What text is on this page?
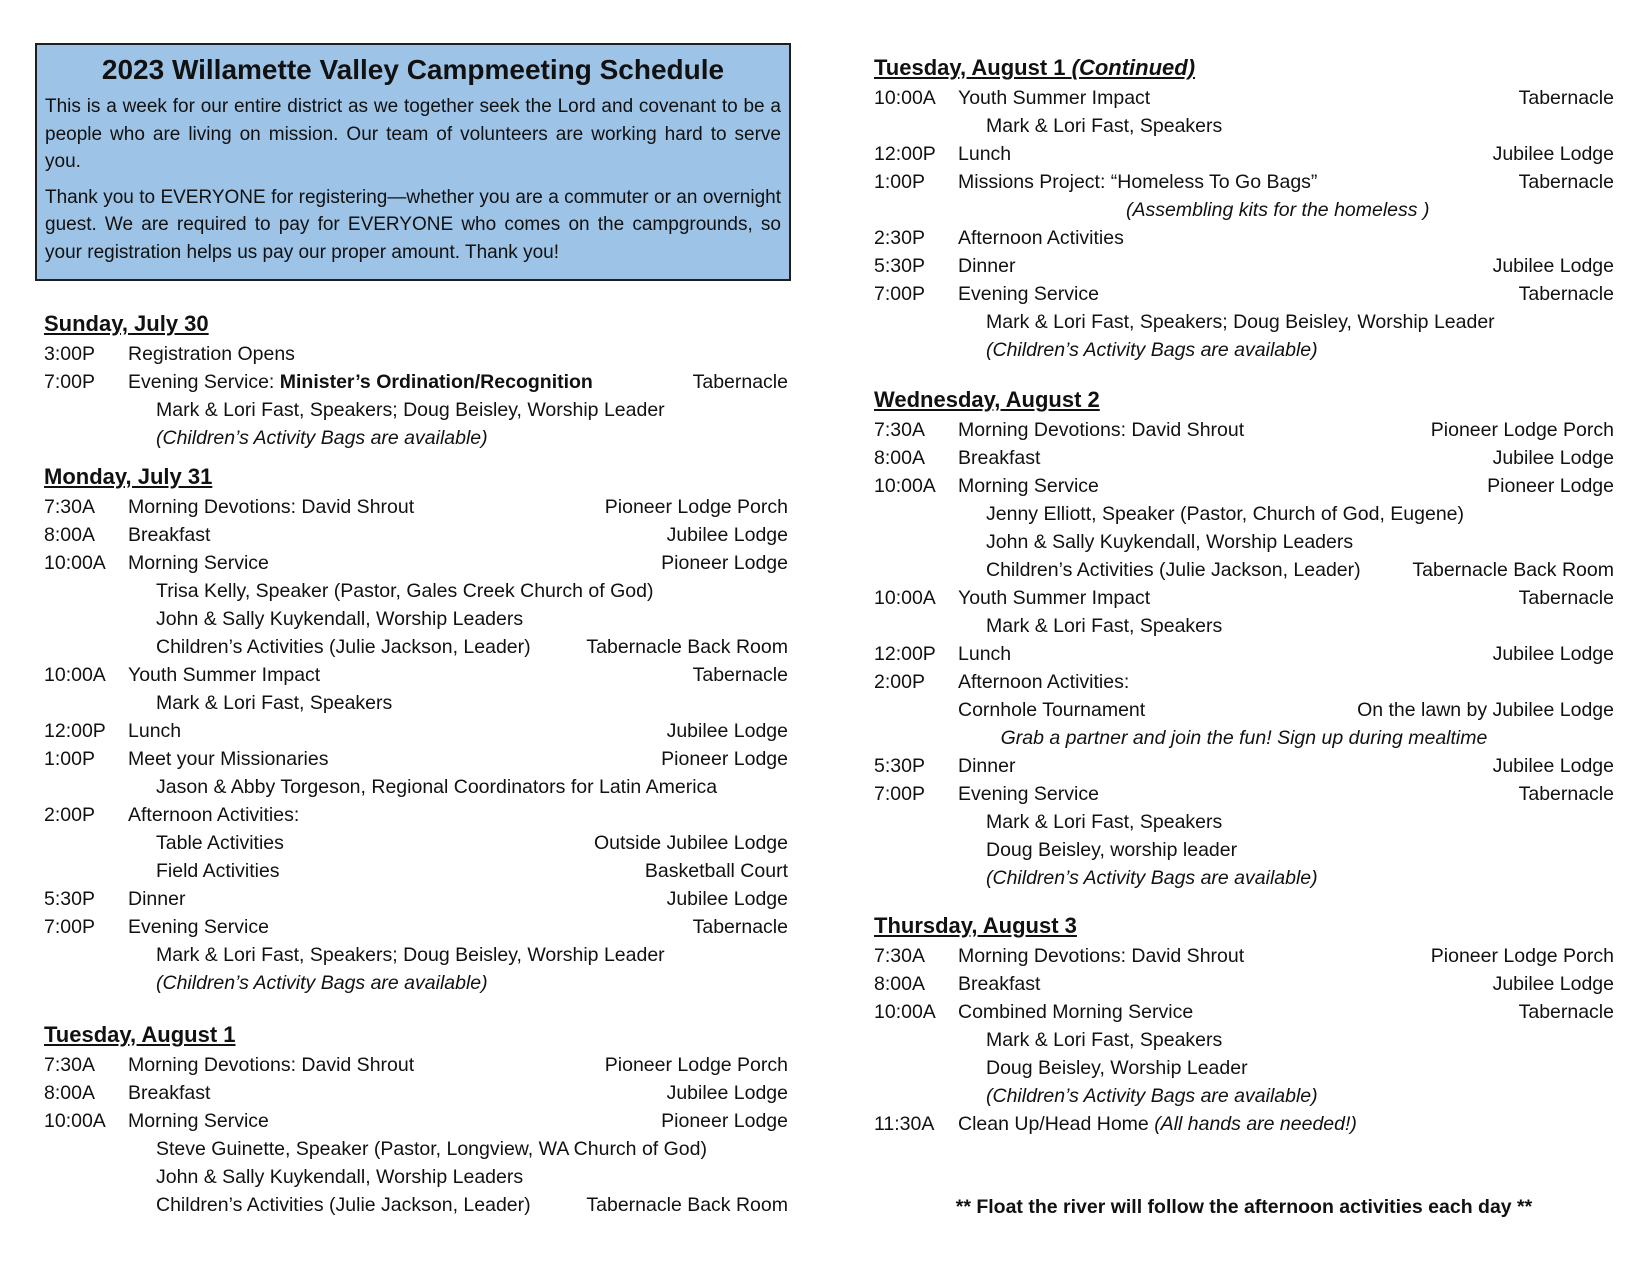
2023 Willamette Valley Campmeeting Schedule

This is a week for our entire district as we together seek the Lord and covenant to be a people who are living on mission. Our team of volunteers are working hard to serve you.

Thank you to EVERYONE for registering—whether you are a commuter or an overnight guest. We are required to pay for EVERYONE who comes on the campgrounds, so your registration helps us pay our proper amount. Thank you!

Sunday, July 30
3:00P Registration Opens
7:00P Evening Service: Minister’s Ordination/Recognition	Tabernacle
Mark & Lori Fast, Speakers; Doug Beisley, Worship Leader
(Children’s Activity Bags are available)
Monday, July 31
7:30A Morning Devotions: David Shrout	Pioneer Lodge Porch
8:00A Breakfast	Jubilee Lodge
10:00A Morning Service	Pioneer Lodge
Trisa Kelly, Speaker (Pastor, Gales Creek Church of God)
John & Sally Kuykendall, Worship Leaders
Children’s Activities (Julie Jackson, Leader)	Tabernacle Back Room
10:00A Youth Summer Impact	Tabernacle
Mark & Lori Fast, Speakers
12:00P Lunch	Jubilee Lodge
1:00P Meet your Missionaries	Pioneer Lodge
Jason & Abby Torgeson, Regional Coordinators for Latin America
2:00P Afternoon Activities:
Table Activities	Outside Jubilee Lodge
Field Activities	Basketball Court
5:30P Dinner	Jubilee Lodge
7:00P Evening Service	Tabernacle
Mark & Lori Fast, Speakers; Doug Beisley, Worship Leader
(Children’s Activity Bags are available)
Tuesday, August 1
7:30A Morning Devotions: David Shrout	Pioneer Lodge Porch
8:00A Breakfast	Jubilee Lodge
10:00A Morning Service	Pioneer Lodge
Steve Guinette, Speaker (Pastor, Longview, WA Church of God)
John & Sally Kuykendall, Worship Leaders
Children’s Activities (Julie Jackson, Leader)	Tabernacle Back Room
Tuesday, August 1 (Continued)
10:00A Youth Summer Impact	Tabernacle
Mark & Lori Fast, Speakers
12:00P Lunch	Jubilee Lodge
1:00P Missions Project: “Homeless To Go Bags”	Tabernacle
(Assembling kits for the homeless )
2:30P Afternoon Activities
5:30P Dinner	Jubilee Lodge
7:00P Evening Service	Tabernacle
Mark & Lori Fast, Speakers; Doug Beisley, Worship Leader
(Children’s Activity Bags are available)
Wednesday, August 2
7:30A Morning Devotions: David Shrout	Pioneer Lodge Porch
8:00A Breakfast	Jubilee Lodge
10:00A Morning Service	Pioneer Lodge
Jenny Elliott, Speaker (Pastor, Church of God, Eugene)
John & Sally Kuykendall, Worship Leaders
Children’s Activities (Julie Jackson, Leader)	Tabernacle Back Room
10:00A Youth Summer Impact	Tabernacle
Mark & Lori Fast, Speakers
12:00P Lunch	Jubilee Lodge
2:00P Afternoon Activities:
Cornhole Tournament	On the lawn by Jubilee Lodge
Grab a partner and join the fun! Sign up during mealtime
5:30P Dinner	Jubilee Lodge
7:00P Evening Service	Tabernacle
Mark & Lori Fast, Speakers
Doug Beisley, worship leader
(Children’s Activity Bags are available)
Thursday, August 3
7:30A Morning Devotions: David Shrout	Pioneer Lodge Porch
8:00A Breakfast	Jubilee Lodge
10:00A Combined Morning Service	Tabernacle
Mark & Lori Fast, Speakers
Doug Beisley, Worship Leader
(Children’s Activity Bags are available)
11:30A Clean Up/Head Home (All hands are needed!)
** Float the river will follow the afternoon activities each day **
